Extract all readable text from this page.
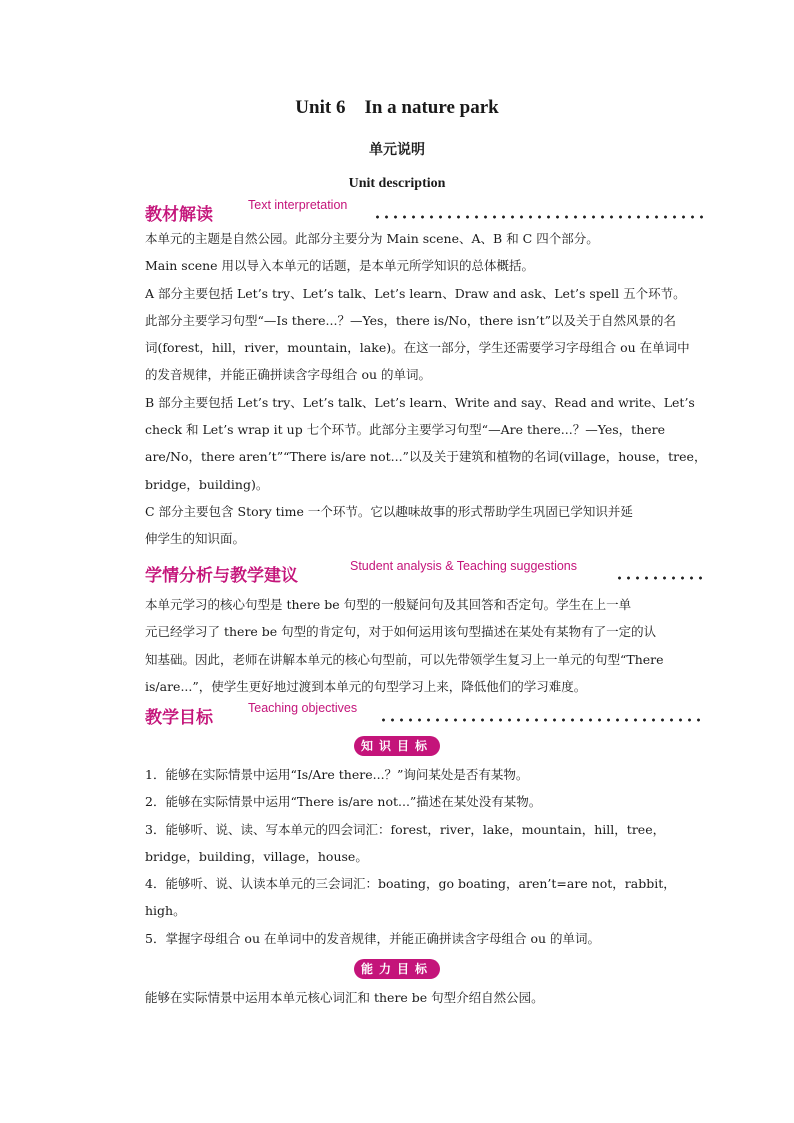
Unit 6    In a nature park
单元说明
Unit description
教材解读	Text interpretation
本单元的主题是自然公园。此部分主要分为 Main scene、A、B 和 C 四个部分。
Main scene 用以导入本单元的话题，是本单元所学知识的总体概括。
A 部分主要包括 Let’s try、Let’s talk、Let’s learn、Draw and ask、Let’s spell 五个环节。
此部分主要学习句型“—Is there...？—Yes，there is/No，there isn’t”以及关于自然风景的名
词(forest，hill，river，mountain，lake)。在这一部分，学生还需要学习字母组合 ou 在单词中
的发音规律，并能正确拼读含字母组合 ou 的单词。
B 部分主要包括 Let’s try、Let’s talk、Let’s learn、Write and say、Read and write、Let’s
check 和 Let’s wrap it up 七个环节。此部分主要学习句型“—Are there...？—Yes，there
are/No，there aren’t”“There is/are not...”以及关于建筑和植物的名词(village，house，tree，
bridge，building)。
C 部分主要包含 Story time 一个环节。它以趣味故事的形式帮助学生巩固已学知识并延
伸学生的知识面。
学情分析与教学建议	Student analysis & Teaching suggestions
本单元学习的核心句型是 there be 句型的一般疑问句及其回答和否定句。学生在上一单
元已经学习了 there be 句型的肯定句，对于如何运用该句型描述在某处有某物有了一定的认
知基础。因此，老师在讲解本单元的核心句型前，可以先带领学生复习上一单元的句型“There
is/are...”，使学生更好地过渡到本单元的句型学习上来，降低他们的学习难度。
教学目标	Teaching objectives
知识目标
1．能够在实际情景中运用“Is/Are there...？”询问某处是否有某物。
2．能够在实际情景中运用“There is/are not...”描述在某处没有某物。
3．能够听、说、读、写本单元的四会词汇：forest，river，lake，mountain，hill，tree，
bridge，building，village，house。
4．能够听、说、认读本单元的三会词汇：boating，go boating，aren’t=are not，rabbit，
high。
5．掌握字母组合 ou 在单词中的发音规律，并能正确拼读含字母组合 ou 的单词。
能力目标
能够在实际情景中运用本单元核心词汇和 there be 句型介绍自然公园。
